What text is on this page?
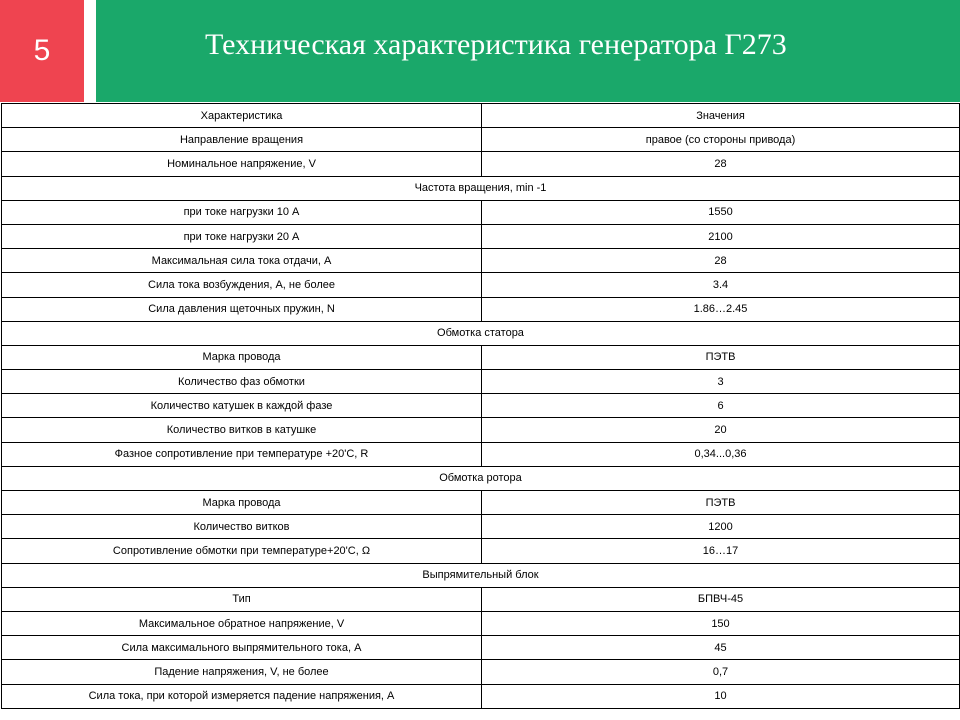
5	Техническая характеристика генератора Г273
Характеристика	Значения
Направление вращения	правое (со стороны привода)
Номинальное напряжение, V	28
Частота вращения, min -1	
при токе нагрузки 10 А	1550
при токе нагрузки 20 А	2100
Максимальная сила тока отдачи, А	28
Сила тока возбуждения, А, не более	3.4
Сила давления щеточных пружин, N	1.86…2.45
Обмотка статора	
Марка провода	ПЭТВ
Количество фаз обмотки	3
Количество катушек в каждой фазе	6
Количество витков в катушке	20
Фазное сопротивление при температуре +20'С, R	0,34...0,36
Обмотка ротора	
Марка провода	ПЭТВ
Количество витков	1200
Сопротивление обмотки при температуре+20'С, Ω	16…17
Выпрямительный блок	
Тип	БПВЧ-45
Максимальное обратное напряжение, V	150
Сила максимального выпрямительного тока, А	45
Падение напряжения, V, не более	0,7
Сила тока, при которой измеряется падение напряжения, А	10
